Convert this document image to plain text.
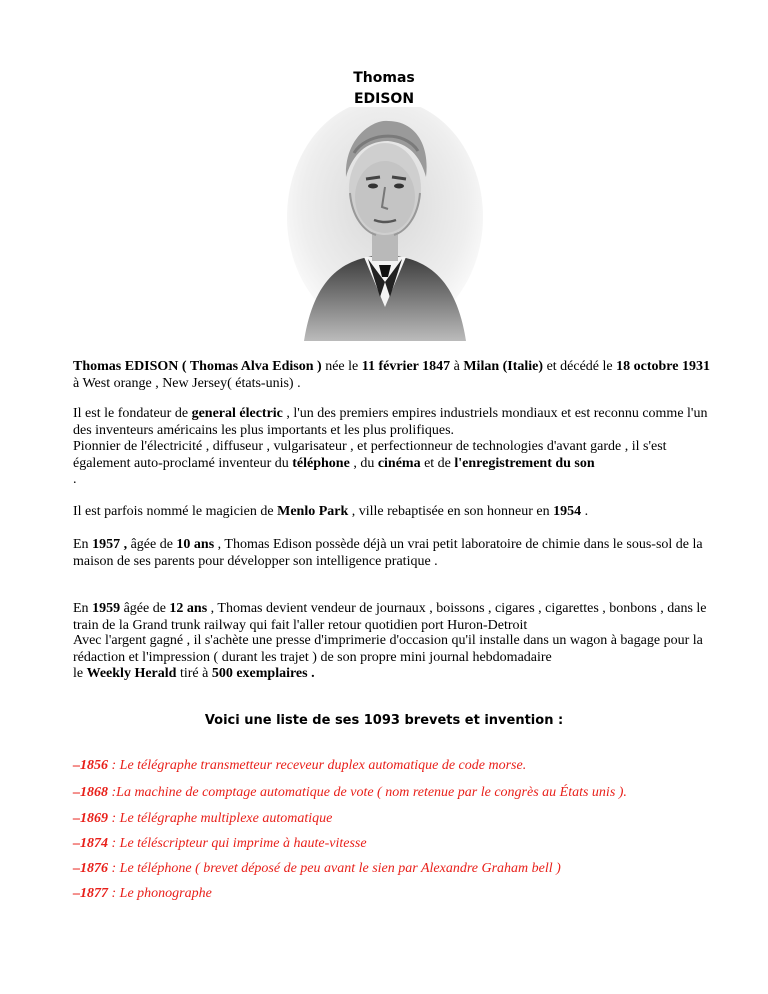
Thomas
EDISON

Thomas EDISON ( Thomas Alva Edison ) née le 11 février 1847 à Milan (Italie) et décédé le 18 octobre 1931 à West orange , New Jersey( états-unis) .

Il est le fondateur de general électric , l'un des premiers empires industriels mondiaux et est reconnu comme l'un des inventeurs américains les plus importants et les plus prolifiques.
Pionnier de l'électricité , diffuseur , vulgarisateur , et perfectionneur de technologies d'avant garde , il s'est également auto-proclamé inventeur du téléphone , du cinéma et de l'enregistrement du son
.

Il est parfois nommé le magicien de Menlo Park , ville rebaptisée en son honneur en 1954 .

En 1957 , âgée de 10 ans , Thomas Edison possède déjà un vrai petit laboratoire de chimie dans le sous-sol de la maison de ses parents pour développer son intelligence pratique .

En 1959 âgée de 12 ans , Thomas devient vendeur de journaux , boissons , cigares , cigarettes , bonbons , dans le train de la Grand trunk railway qui fait l'aller retour quotidien port Huron-Detroit

Avec l'argent gagné , il s'achète une presse d'imprimerie d'occasion qu'il installe dans un wagon à bagage pour la rédaction et l'impression ( durant les trajet ) de son propre mini journal hebdomadaire
le Weekly Herald tiré à 500 exemplaires .

Voici une liste de ses 1093 brevets et invention :
–1856 : Le télégraphe transmetteur receveur duplex automatique de code morse.
–1868 :La machine de comptage automatique de vote ( nom retenue par le congrès au États unis ).
–1869 : Le télégraphe multiplexe automatique
–1874 : Le téléscripteur qui imprime à haute-vitesse
–1876 : Le téléphone ( brevet déposé de peu avant le sien par Alexandre Graham bell )
–1877 : Le phonographe
